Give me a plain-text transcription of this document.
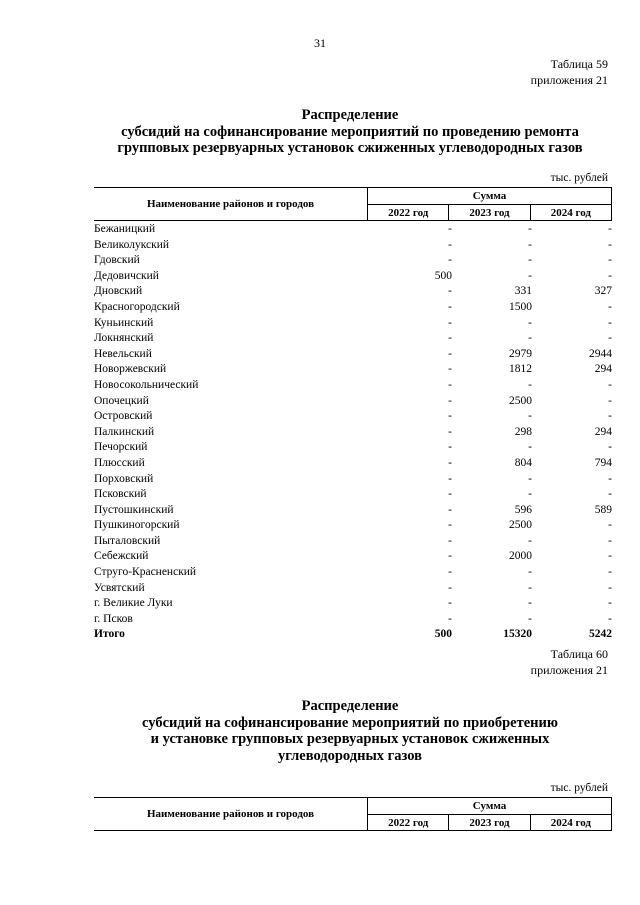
31
Таблица 59
приложения 21
Распределение
субсидий на софинансирование мероприятий по проведению ремонта
групповых резервуарных установок сжиженных углеводородных газов
тыс. рублей
Наименование районов и городов	Сумма		
	2022 год	2023 год	2024 год
Бежаницкий	-	-	-
Великолукский	-	-	-
Гдовский	-	-	-
Дедовичский	500	-	-
Дновский	-	331	327
Красногородский	-	1500	-
Куньинский	-	-	-
Локнянский	-	-	-
Невельский	-	2979	2944
Новоржевский	-	1812	294
Новосокольнический	-	-	-
Опочецкий	-	2500	-
Островский	-	-	-
Палкинский	-	298	294
Печорский	-	-	-
Плюсский	-	804	794
Порховский	-	-	-
Псковский	-	-	-
Пустошкинский	-	596	589
Пушкиногорский	-	2500	-
Пыталовский	-	-	-
Себежский	-	2000	-
Струго-Красненский	-	-	-
Усвятский	-	-	-
г. Великие Луки	-	-	-
г. Псков	-	-	-
Итого	500	15320	5242
Таблица 60
приложения 21
Распределение
субсидий на софинансирование мероприятий по приобретению
и установке групповых резервуарных установок сжиженных
углеводородных газов
тыс. рублей
Наименование районов и городов	Сумма		
	2022 год	2023 год	2024 год
